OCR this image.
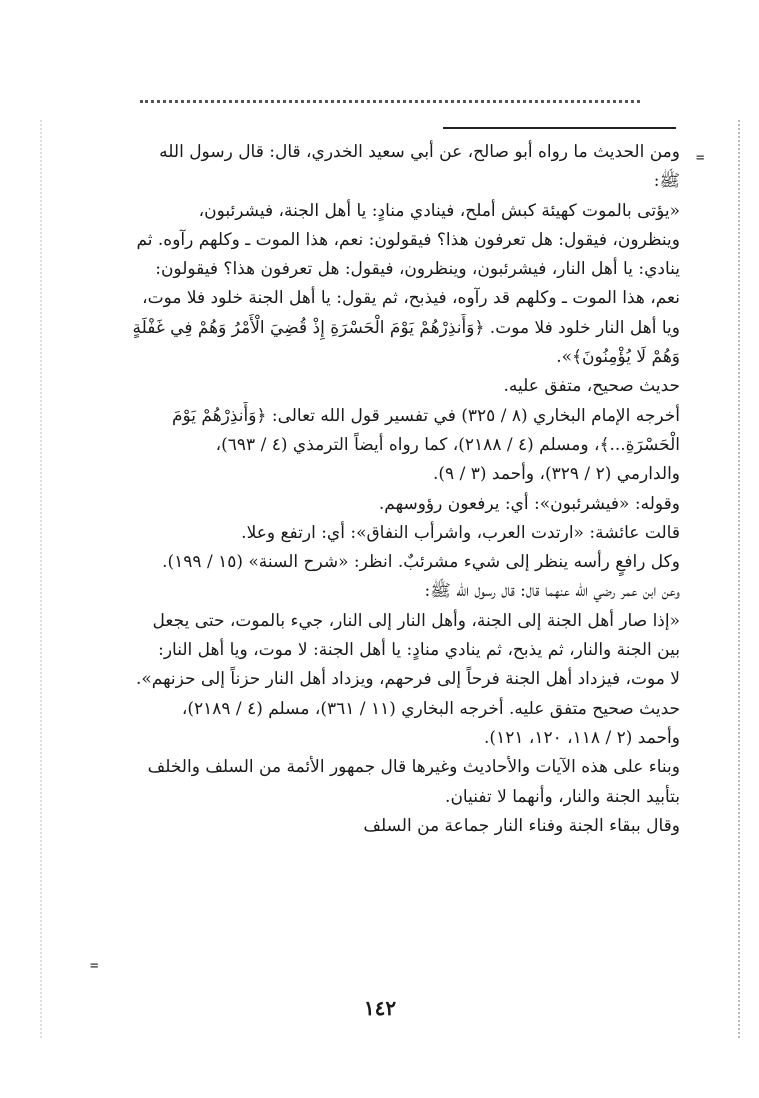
=
=
ومن الحديث ما رواه أبو صالح، عن أبي سعيد الخدري، قال: قال رسول الله
ﷺ:
«يؤتى بالموت كهيئة كبش أملح، فينادي منادٍ: يا أهل الجنة، فيشرئبون،
وينظرون، فيقول: هل تعرفون هذا؟ فيقولون: نعم، هذا الموت ـ وكلهم رآوه. ثم
ينادي: يا أهل النار، فيشرئبون، وينظرون، فيقول: هل تعرفون هذا؟ فيقولون:
نعم، هذا الموت ـ وكلهم قد رآوه، فيذبح، ثم يقول: يا أهل الجنة خلود فلا موت،
ويا أهل النار خلود فلا موت. ﴿وَأَنذِرْهُمْ يَوْمَ الْحَسْرَةِ إِذْ قُضِيَ الْأَمْرُ وَهُمْ فِي غَفْلَةٍ
وَهُمْ لَا يُؤْمِنُونَ﴾».
حديث صحيح، متفق عليه.
أخرجه الإمام البخاري (٨ / ٣٢٥) في تفسير قول الله تعالى: ﴿وَأَنذِرْهُمْ يَوْمَ
الْحَسْرَةِ...﴾، ومسلم (٤ / ٢١٨٨)، كما رواه أيضاً الترمذي (٤ / ٦٩٣)،
والدارمي (٢ / ٣٢٩)، وأحمد (٣ / ٩).
وقوله: «فيشرئبون»: أي: يرفعون رؤوسهم.
قالت عائشة: «ارتدت العرب، واشرأب النفاق»: أي: ارتفع وعلا.
وكل رافعٍ رأسه ينظر إلى شيء مشرئبٌ. انظر: «شرح السنة» (١٥ / ١٩٩).
وعن ابن عمر رضي الله عنهما قال: قال رسول الله ﷺ:
«إذا صار أهل الجنة إلى الجنة، وأهل النار إلى النار، جيء بالموت، حتى يجعل
بين الجنة والنار، ثم يذبح، ثم ينادي منادٍ: يا أهل الجنة: لا موت، ويا أهل النار:
لا موت، فيزداد أهل الجنة فرحاً إلى فرحهم، ويزداد أهل النار حزناً إلى حزنهم».
حديث صحيح متفق عليه. أخرجه البخاري (١١ / ٣٦١)، مسلم (٤ / ٢١٨٩)،
وأحمد (٢ / ١١٨، ١٢٠، ١٢١).
وبناء على هذه الآيات والأحاديث وغيرها قال جمهور الأئمة من السلف والخلف
بتأبيد الجنة والنار، وأنهما لا تفنيان.
وقال ببقاء الجنة وفناء النار جماعة من السلف
١٤٢
